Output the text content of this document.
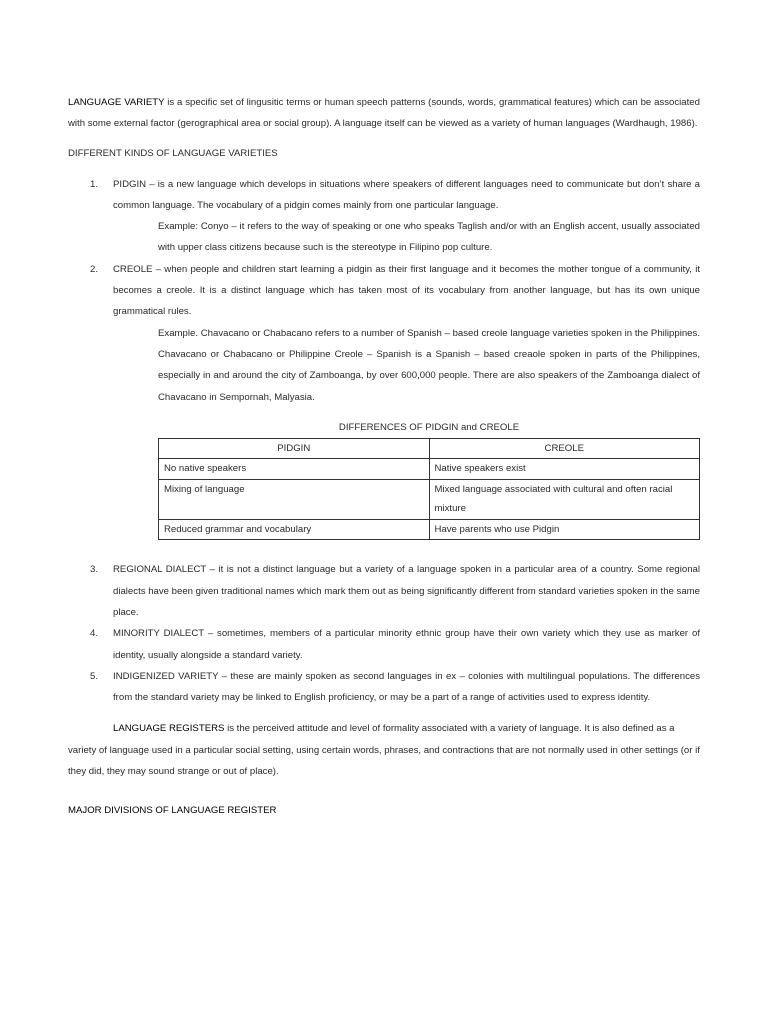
LANGUAGE VARIETY is a specific set of lingusitic terms or human speech patterns (sounds, words, grammatical features) which can be associated with some external factor (gerographical area or social group). A language itself can be viewed as a variety of human languages (Wardhaugh, 1986).

DIFFERENT KINDS OF LANGUAGE VARIETIES

1. PIDGIN – is a new language which develops in situations where speakers of different languages need to communicate but don’t share a common language. The vocabulary of a pidgin comes mainly from one particular language.

Example: Conyo – it refers to the way of speaking or one who speaks Taglish and/or with an English accent, usually associated with upper class citizens because such is the stereotype in Filipino pop culture.

2. CREOLE – when people and children start learning a pidgin as their first language and it becomes the mother tongue of a community, it becomes a creole. It is a distinct language which has taken most of its vocabulary from another language, but has its own unique grammatical rules.

Example. Chavacano or Chabacano refers to a number of Spanish – based creole language varieties spoken in the Philippines. Chavacano or Chabacano or Philippine Creole – Spanish is a Spanish – based creaole spoken in parts of the Philippines, especially in and around the city of Zamboanga, by over 600,000 people. There are also speakers of the Zamboanga dialect of Chavacano in Sempornah, Malyasia.

DIFFERENCES OF PIDGIN and CREOLE

PIDGIN	CREOLE
No native speakers	Native speakers exist
Mixing of language	Mixed language associated with cultural and often racial mixture
Reduced grammar and vocabulary	Have parents who use Pidgin
3. REGIONAL DIALECT – it is not a distinct language but a variety of a language spoken in a particular area of a country. Some regional dialects have been given traditional names which mark them out as being significantly different from standard varieties spoken in the same place.

4. MINORITY DIALECT – sometimes, members of a particular minority ethnic group have their own variety which they use as marker of identity, usually alongside a standard variety.

5. INDIGENIZED VARIETY – these are mainly spoken as second languages in ex – colonies with multilingual populations. The differences from the standard variety may be linked to English proficiency, or may be a part of a range of activities used to express identity.

LANGUAGE REGISTERS is the perceived attitude and level of formality associated with a variety of language. It is also defined as a variety of language used in a particular social setting, using certain words, phrases, and contractions that are not normally used in other settings (or if they did, they may sound strange or out of place).

MAJOR DIVISIONS OF LANGUAGE REGISTER
